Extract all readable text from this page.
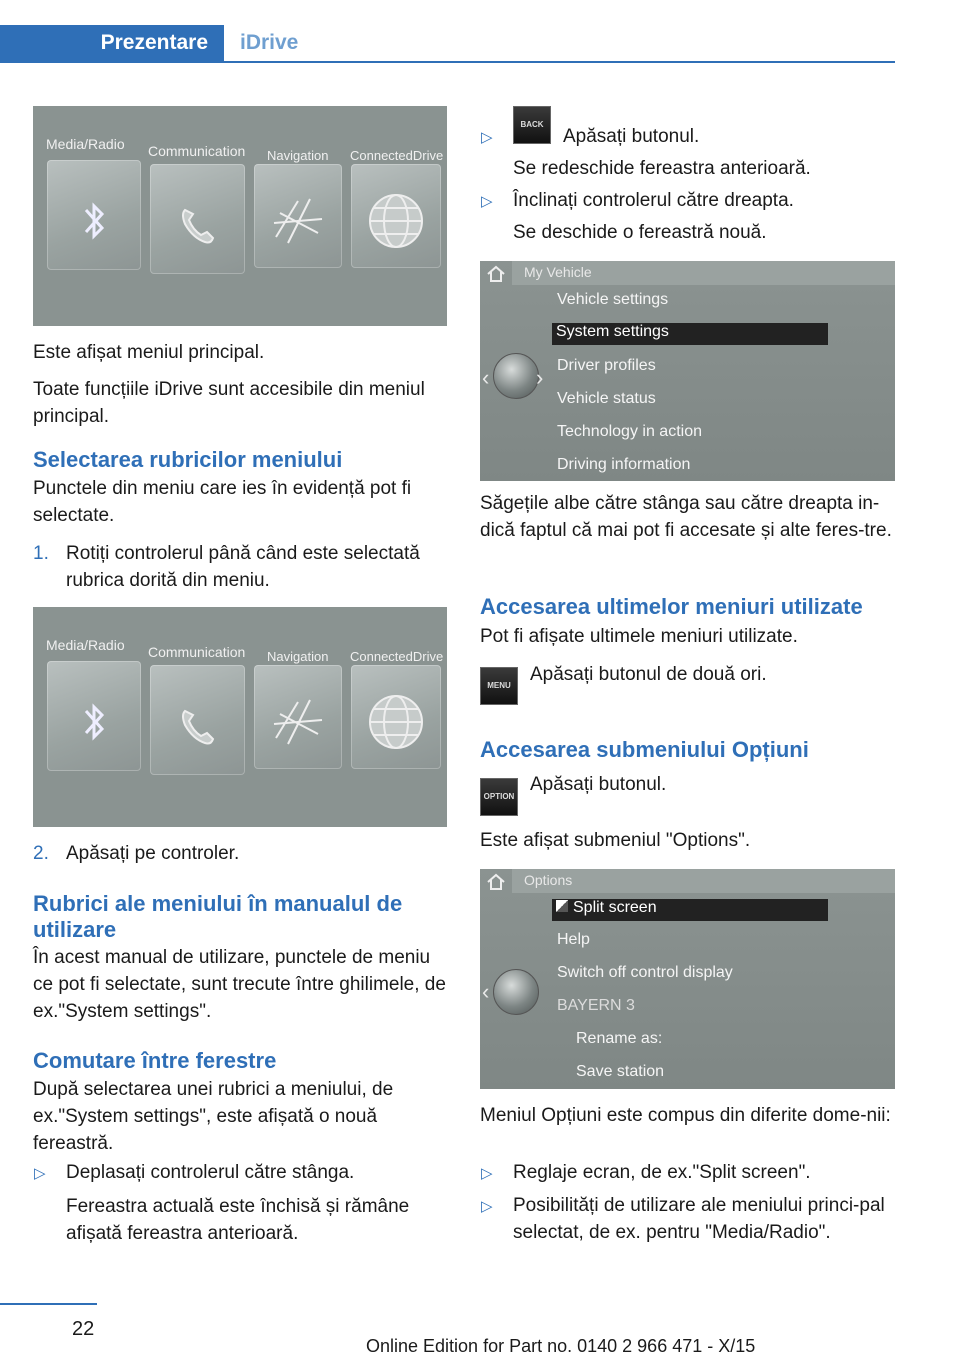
Prezentare	iDrive
Media/Radio Communication Navigation ConnectedDrive

Este afișat meniul principal.

Toate funcțiile iDrive sunt accesibile din meniul principal.

Selectarea rubricilor meniului
Punctele din meniu care ies în evidență pot fi selectate.
1. Rotiți controlerul până când este selectată rubrica dorită din meniu.
Media/Radio Communication Navigation ConnectedDrive
2. Apăsați pe controler.
Rubrici ale meniului în manualul de utilizare
În acest manual de utilizare, punctele de meniu ce pot fi selectate, sunt trecute între ghilimele, de ex."System settings".
Comutare între ferestre
După selectarea unei rubrici a meniului, de ex."System settings", este afișată o nouă fereastră.
▷ Deplasați controlerul către stânga.
Fereastra actuală este închisă și rămâne afișată fereastra anterioară.
▷
BACK
Apăsați butonul.
Se redeschide fereastra anterioară.
▷ Înclinați controlerul către dreapta.
Se deschide o fereastră nouă.
My Vehicle
‹ ›
Vehicle settings
System settings
Driver profiles
Vehicle status
Technology in action
Driving information
Săgețile albe către stânga sau către dreapta in-dică faptul că mai pot fi accesate și alte feres-tre.
Accesarea ultimelor meniuri utilizate
Pot fi afișate ultimele meniuri utilizate.
MENU
Apăsați butonul de două ori.
Accesarea submeniului Opțiuni
OPTION
Apăsați butonul.
Este afișat submeniul "Options".
Options
‹
Split screen
Help
Switch off control display
BAYERN 3
Rename as:
Save station
Meniul Opțiuni este compus din diferite dome-nii:
▷ Reglaje ecran, de ex."Split screen".
▷ Posibilități de utilizare ale meniului princi-pal selectat, de ex. pentru "Media/Radio".
22
Online Edition for Part no. 0140 2 966 471 - X/15
